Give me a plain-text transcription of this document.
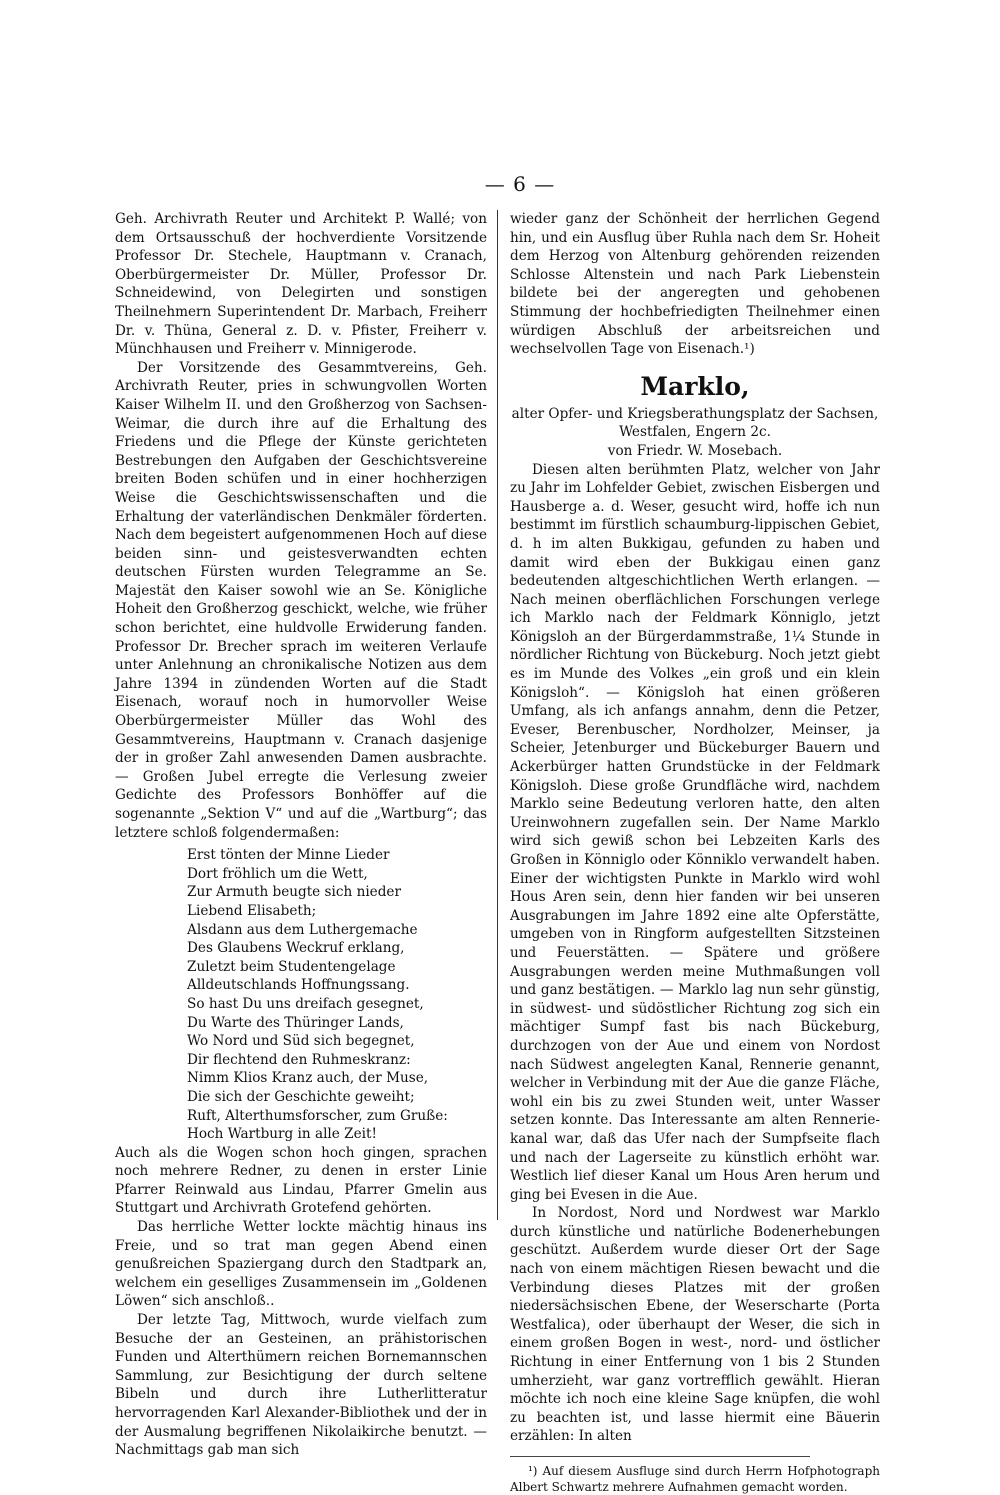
— 6 —

Geh. Archivrath Reuter und Architekt P. Wallé; von dem Ortsausschuß der hochverdiente Vorsitzende Professor Dr. Stechele, Hauptmann v. Cranach, Oberbürgermeister Dr. Müller, Professor Dr. Schneidewind, von Delegirten und sonstigen Theilnehmern Superintendent Dr. Marbach, Freiherr Dr. v. Thüna, General z. D. v. Pfister, Freiherr v. Münchhausen und Freiherr v. Minnigerode.

Der Vorsitzende des Gesammtvereins, Geh. Archivrath Reuter, pries in schwungvollen Worten Kaiser Wilhelm II. und den Großherzog von Sachsen-Weimar, die durch ihre auf die Erhaltung des Friedens und die Pflege der Künste gerichteten Bestrebungen den Aufgaben der Geschichtsvereine breiten Boden schüfen und in einer hochherzigen Weise die Geschichtswissenschaften und die Erhaltung der vaterländischen Denkmäler förderten. Nach dem begeistert aufgenommenen Hoch auf diese beiden sinn- und geistesverwandten echten deutschen Fürsten wurden Telegramme an Se. Majestät den Kaiser sowohl wie an Se. Königliche Hoheit den Großherzog geschickt, welche, wie früher schon berichtet, eine huldvolle Erwiderung fanden. Professor Dr. Brecher sprach im weiteren Verlaufe unter Anlehnung an chronikalische Notizen aus dem Jahre 1394 in zündenden Worten auf die Stadt Eisenach, worauf noch in humorvoller Weise Oberbürgermeister Müller das Wohl des Gesammtvereins, Hauptmann v. Cranach dasjenige der in großer Zahl anwesenden Damen ausbrachte. — Großen Jubel erregte die Verlesung zweier Gedichte des Professors Bonhöffer auf die sogenannte „Sektion V“ und auf die „Wartburg“; das letztere schloß folgendermaßen:

Erst tönten der Minne Lieder
Dort fröhlich um die Wett,
Zur Armuth beugte sich nieder
Liebend Elisabeth;
Alsdann aus dem Luthergemache
Des Glaubens Weckruf erklang,
Zuletzt beim Studentengelage
Alldeutschlands Hoffnungssang.
So hast Du uns dreifach gesegnet,
Du Warte des Thüringer Lands,
Wo Nord und Süd sich begegnet,
Dir flechtend den Ruhmeskranz:
Nimm Klios Kranz auch, der Muse,
Die sich der Geschichte geweiht;
Ruft, Alterthumsforscher, zum Gruße:
Hoch Wartburg in alle Zeit!

Auch als die Wogen schon hoch gingen, sprachen noch mehrere Redner, zu denen in erster Linie Pfarrer Reinwald aus Lindau, Pfarrer Gmelin aus Stuttgart und Archivrath Grotefend gehörten.

Das herrliche Wetter lockte mächtig hinaus ins Freie, und so trat man gegen Abend einen genußreichen Spaziergang durch den Stadtpark an, welchem ein geselliges Zusammensein im „Goldenen Löwen“ sich anschloß..

Der letzte Tag, Mittwoch, wurde vielfach zum Besuche der an Gesteinen, an prähistorischen Funden und Alterthümern reichen Bornemannschen Sammlung, zur Besichtigung der durch seltene Bibeln und durch ihre Lutherlitteratur hervorragenden Karl Alexander-Bibliothek und der in der Ausmalung begriffenen Nikolaikirche benutzt. — Nachmittags gab man sich

wieder ganz der Schönheit der herrlichen Gegend hin, und ein Ausflug über Ruhla nach dem Sr. Hoheit dem Herzog von Altenburg gehörenden reizenden Schlosse Altenstein und nach Park Liebenstein bildete bei der angeregten und gehobenen Stimmung der hochbefriedigten Theilnehmer einen würdigen Abschluß der arbeitsreichen und wechselvollen Tage von Eisenach.¹)

Marklo,

alter Opfer- und Kriegsberathungsplatz der Sachsen,

Westfalen, Engern 2c.

von Friedr. W. Mosebach.

Diesen alten berühmten Platz, welcher von Jahr zu Jahr im Lohfelder Gebiet, zwischen Eisbergen und Hausberge a. d. Weser, gesucht wird, hoffe ich nun bestimmt im fürstlich schaumburg-lippischen Gebiet, d. h im alten Bukkigau, gefunden zu haben und damit wird eben der Bukkigau einen ganz bedeutenden altgeschichtlichen Werth erlangen. — Nach meinen oberflächlichen Forschungen verlege ich Marklo nach der Feldmark Könniglo, jetzt Königsloh an der Bürgerdammstraße, 1¼ Stunde in nördlicher Richtung von Bückeburg. Noch jetzt giebt es im Munde des Volkes „ein groß und ein klein Königsloh“. — Königsloh hat einen größeren Umfang, als ich anfangs annahm, denn die Petzer, Eveser, Berenbuscher, Nordholzer, Meinser, ja Scheier, Jetenburger und Bückeburger Bauern und Ackerbürger hatten Grundstücke in der Feldmark Königsloh. Diese große Grundfläche wird, nachdem Marklo seine Bedeutung verloren hatte, den alten Ureinwohnern zugefallen sein. Der Name Marklo wird sich gewiß schon bei Lebzeiten Karls des Großen in Könniglo oder Könniklo verwandelt haben. Einer der wichtigsten Punkte in Marklo wird wohl Hous Aren sein, denn hier fanden wir bei unseren Ausgrabungen im Jahre 1892 eine alte Opferstätte, umgeben von in Ringform aufgestellten Sitzsteinen und Feuerstätten. — Spätere und größere Ausgrabungen werden meine Muthmaßungen voll und ganz bestätigen. — Marklo lag nun sehr günstig, in südwest- und südöstlicher Richtung zog sich ein mächtiger Sumpf fast bis nach Bückeburg, durchzogen von der Aue und einem von Nordost nach Südwest angelegten Kanal, Rennerie genannt, welcher in Verbindung mit der Aue die ganze Fläche, wohl ein bis zu zwei Stunden weit, unter Wasser setzen konnte. Das Interessante am alten Renneriekanal war, daß das Ufer nach der Sumpfseite flach und nach der Lagerseite zu künstlich erhöht war. Westlich lief dieser Kanal um Hous Aren herum und ging bei Evesen in die Aue.

In Nordost, Nord und Nordwest war Marklo durch künstliche und natürliche Bodenerhebungen geschützt. Außerdem wurde dieser Ort der Sage nach von einem mächtigen Riesen bewacht und die Verbindung dieses Platzes mit der großen niedersächsischen Ebene, der Weserscharte (Porta Westfalica), oder überhaupt der Weser, die sich in einem großen Bogen in west-, nord- und östlicher Richtung in einer Entfernung von 1 bis 2 Stunden umherzieht, war ganz vortrefflich gewählt. Hieran möchte ich noch eine kleine Sage knüpfen, die wohl zu beachten ist, und lasse hiermit eine Bäuerin erzählen: In alten

¹) Auf diesem Ausfluge sind durch Herrn Hofphotograph Albert Schwartz mehrere Aufnahmen gemacht worden.
